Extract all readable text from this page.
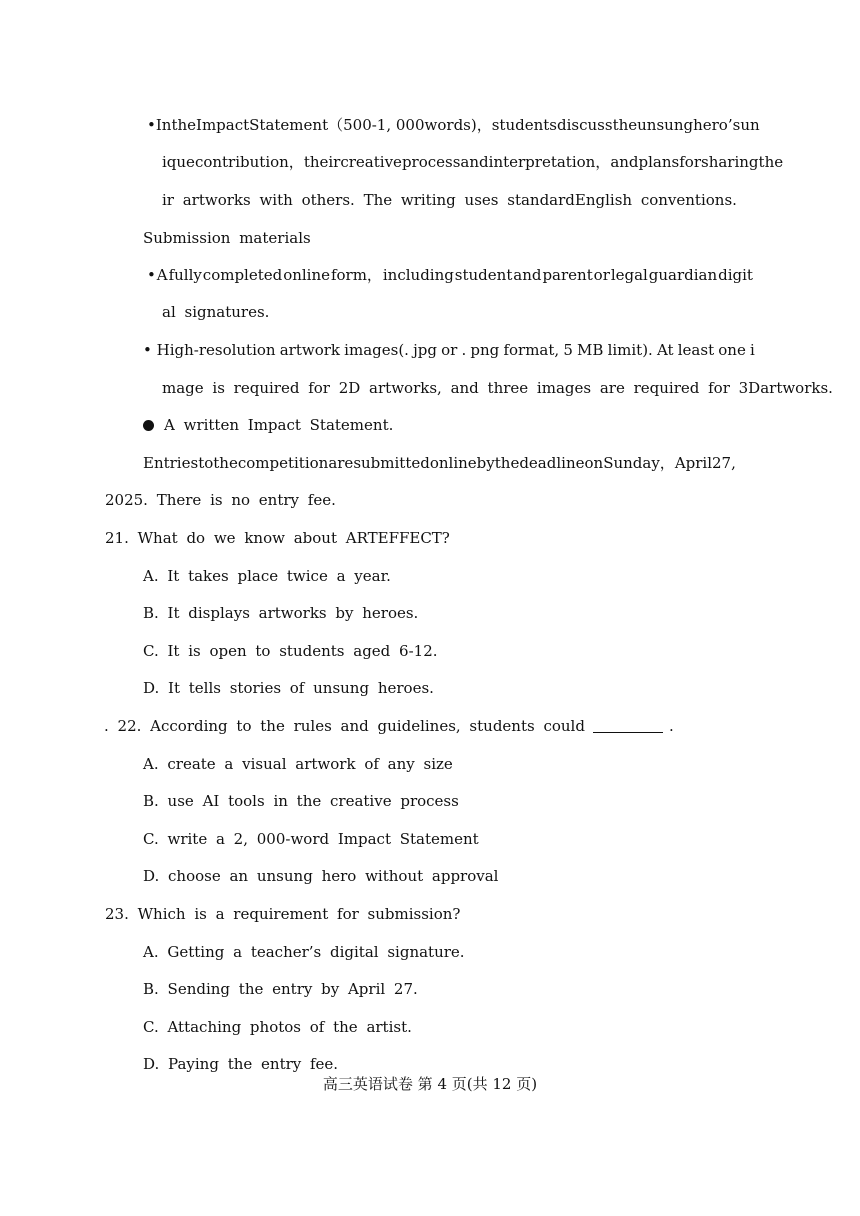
• In the Impact Statement （500-1, 000 words)， students discuss the unsung hero’s un
ique contribution， their creative process and interpretation， and plans for sharing the
ir artworks with others. The writing uses standardEnglish conventions.
Submission materials
• A fully completed online form， including student and parent or legal guardian digit
al signatures.
• High-resolution artwork images(. jpg or . png format, 5 MB limit). At least one i
mage is required for 2D artworks, and three images are required for 3Dartworks.
A written Impact Statement.
Entries to the competition are submitted online by the deadline on Sunday， April 27,
2025. There is no entry fee.
21. What do we know about ARTEFFECT?
A. It takes place twice a year.
B. It displays artworks by heroes.
C. It is open to students aged 6-12.
D. It tells stories of unsung heroes.
. 22. According to the rules and guidelines, students could	.
A. create a visual artwork of any size
B. use AI tools in the creative process
C. write a 2, 000-word Impact Statement
D. choose an unsung hero without approval
23. Which is a requirement for submission?
A. Getting a teacher’s digital signature.
B. Sending the entry by April 27.
C. Attaching photos of the artist.
D. Paying the entry fee.
高三英语试卷 第 4 页(共 12 页)
